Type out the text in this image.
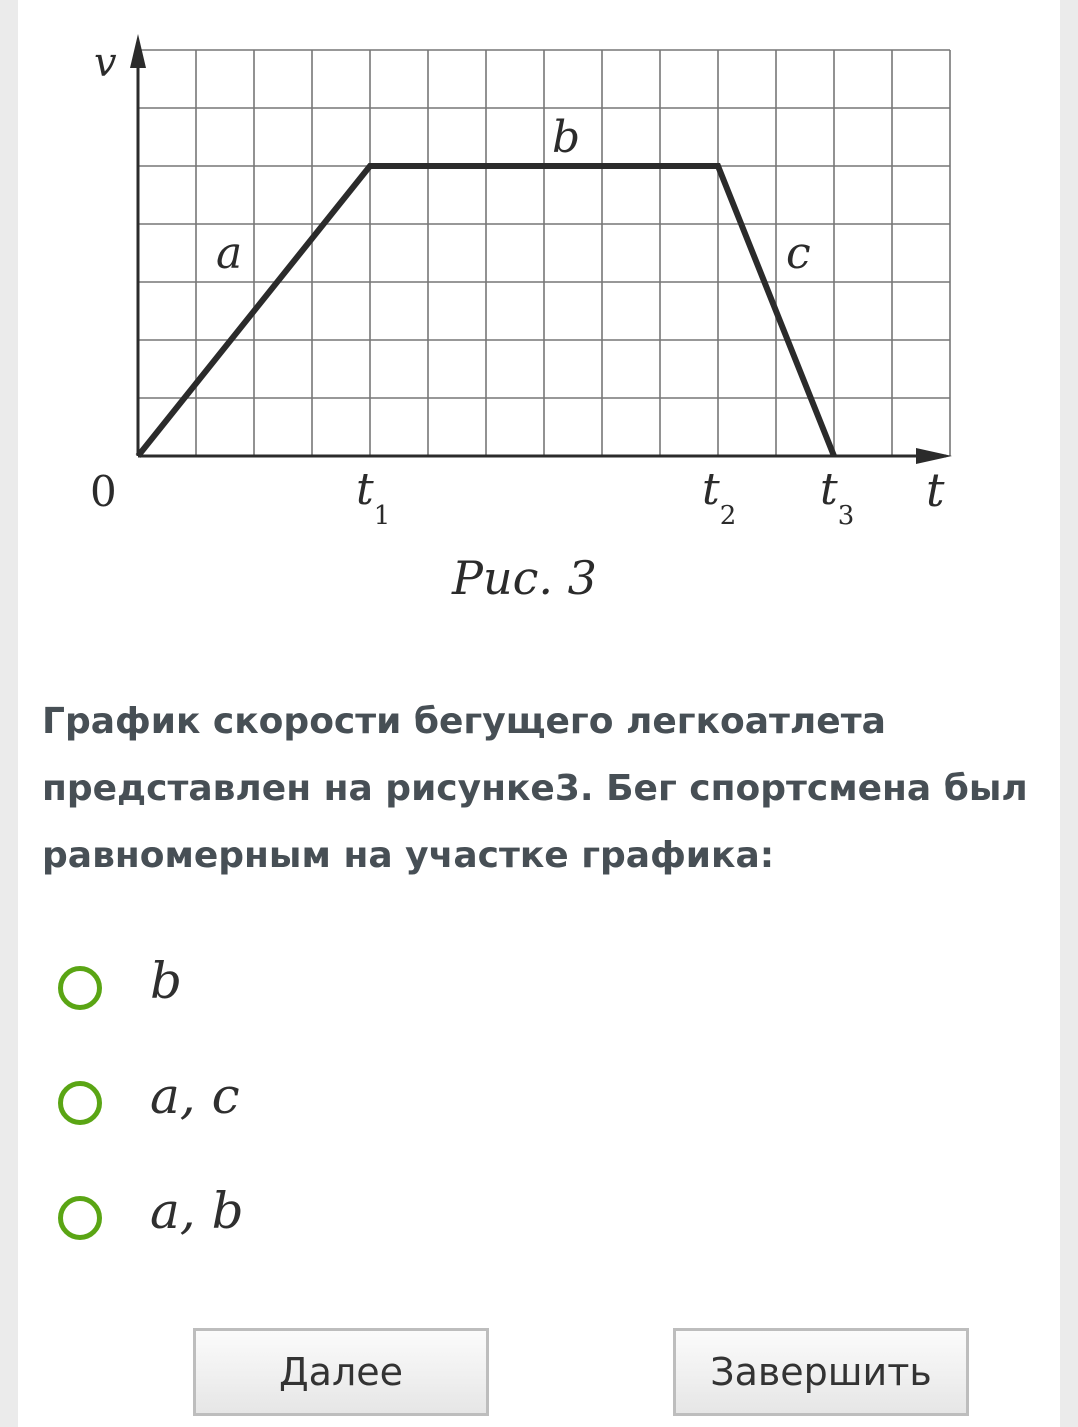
v
t
0	$t_1$
$t_2$
$t_3$
a
b
c
Рис. 3

График скорости бегущего легкоатлета представлен на рисунке3. Бег спортсмена был равномерным на участке графика:

b
a, c
a, b
Далее	Завершить
